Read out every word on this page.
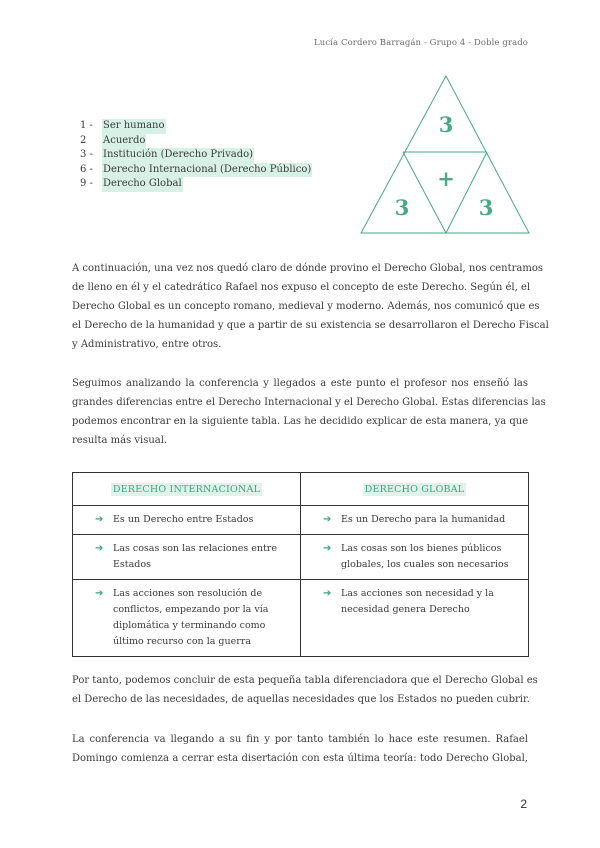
Lucía Cordero Barragán - Grupo 4 - Doble grado
1 -	Ser humano
2	Acuerdo
3 -	Institución (Derecho Privado)
6 -	Derecho Internacional (Derecho Público)
9 -	Derecho Global
3
+
3	3
A continuación, una vez nos quedó claro de dónde provino el Derecho Global, nos centramos
de lleno en él y el catedrático Rafael nos expuso el concepto de este Derecho. Según él, el
Derecho Global es un concepto romano, medieval y moderno. Además, nos comunicó que es
el Derecho de la humanidad y que a partir de su existencia se desarrollaron el Derecho Fiscal
y Administrativo, entre otros.
Seguimos analizando la conferencia y llegados a este punto el profesor nos enseñó las
grandes diferencias entre el Derecho Internacional y el Derecho Global. Estas diferencias las
podemos encontrar en la siguiente tabla. Las he decidido explicar de esta manera, ya que
resulta más visual.
DERECHO INTERNACIONAL	DERECHO GLOBAL

➔ Es un Derecho entre Estados	➔ Es un Derecho para la humanidad

➔ Las cosas son las relaciones entre Estados	➔ Las cosas son los bienes públicos globales, los cuales son necesarios

➔ Las acciones son resolución de conflictos, empezando por la vía diplomática y terminando como último recurso con la guerra	➔ Las acciones son necesidad y la necesidad genera Derecho
Por tanto, podemos concluir de esta pequeña tabla diferenciadora que el Derecho Global es
el Derecho de las necesidades, de aquellas necesidades que los Estados no pueden cubrir.
La conferencia va llegando a su fin y por tanto también lo hace este resumen. Rafael
Domingo comienza a cerrar esta disertación con esta última teoría: todo Derecho Global,
2
